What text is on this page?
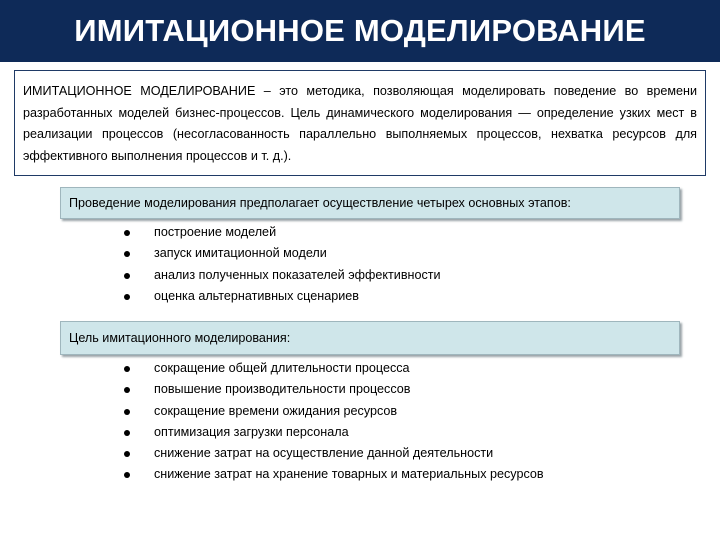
ИМИТАЦИОННОЕ МОДЕЛИРОВАНИЕ

ИМИТАЦИОННОЕ МОДЕЛИРОВАНИЕ – это методика, позволяющая моделировать поведение во времени разработанных моделей бизнес-процессов. Цель динамического моделирования — определение узких мест в реализации процессов (несогласованность параллельно выполняемых процессов, нехватка ресурсов для эффективного выполнения процессов и т. д.).

Проведение моделирования предполагает осуществление четырех основных этапов:
построение моделей
запуск имитационной модели
анализ полученных показателей эффективности
оценка альтернативных сценариев
Цель имитационного моделирования:
сокращение общей длительности процесса
повышение производительности процессов
сокращение времени ожидания ресурсов
оптимизация загрузки персонала
снижение затрат на осуществление данной деятельности
снижение затрат на хранение товарных и материальных ресурсов
